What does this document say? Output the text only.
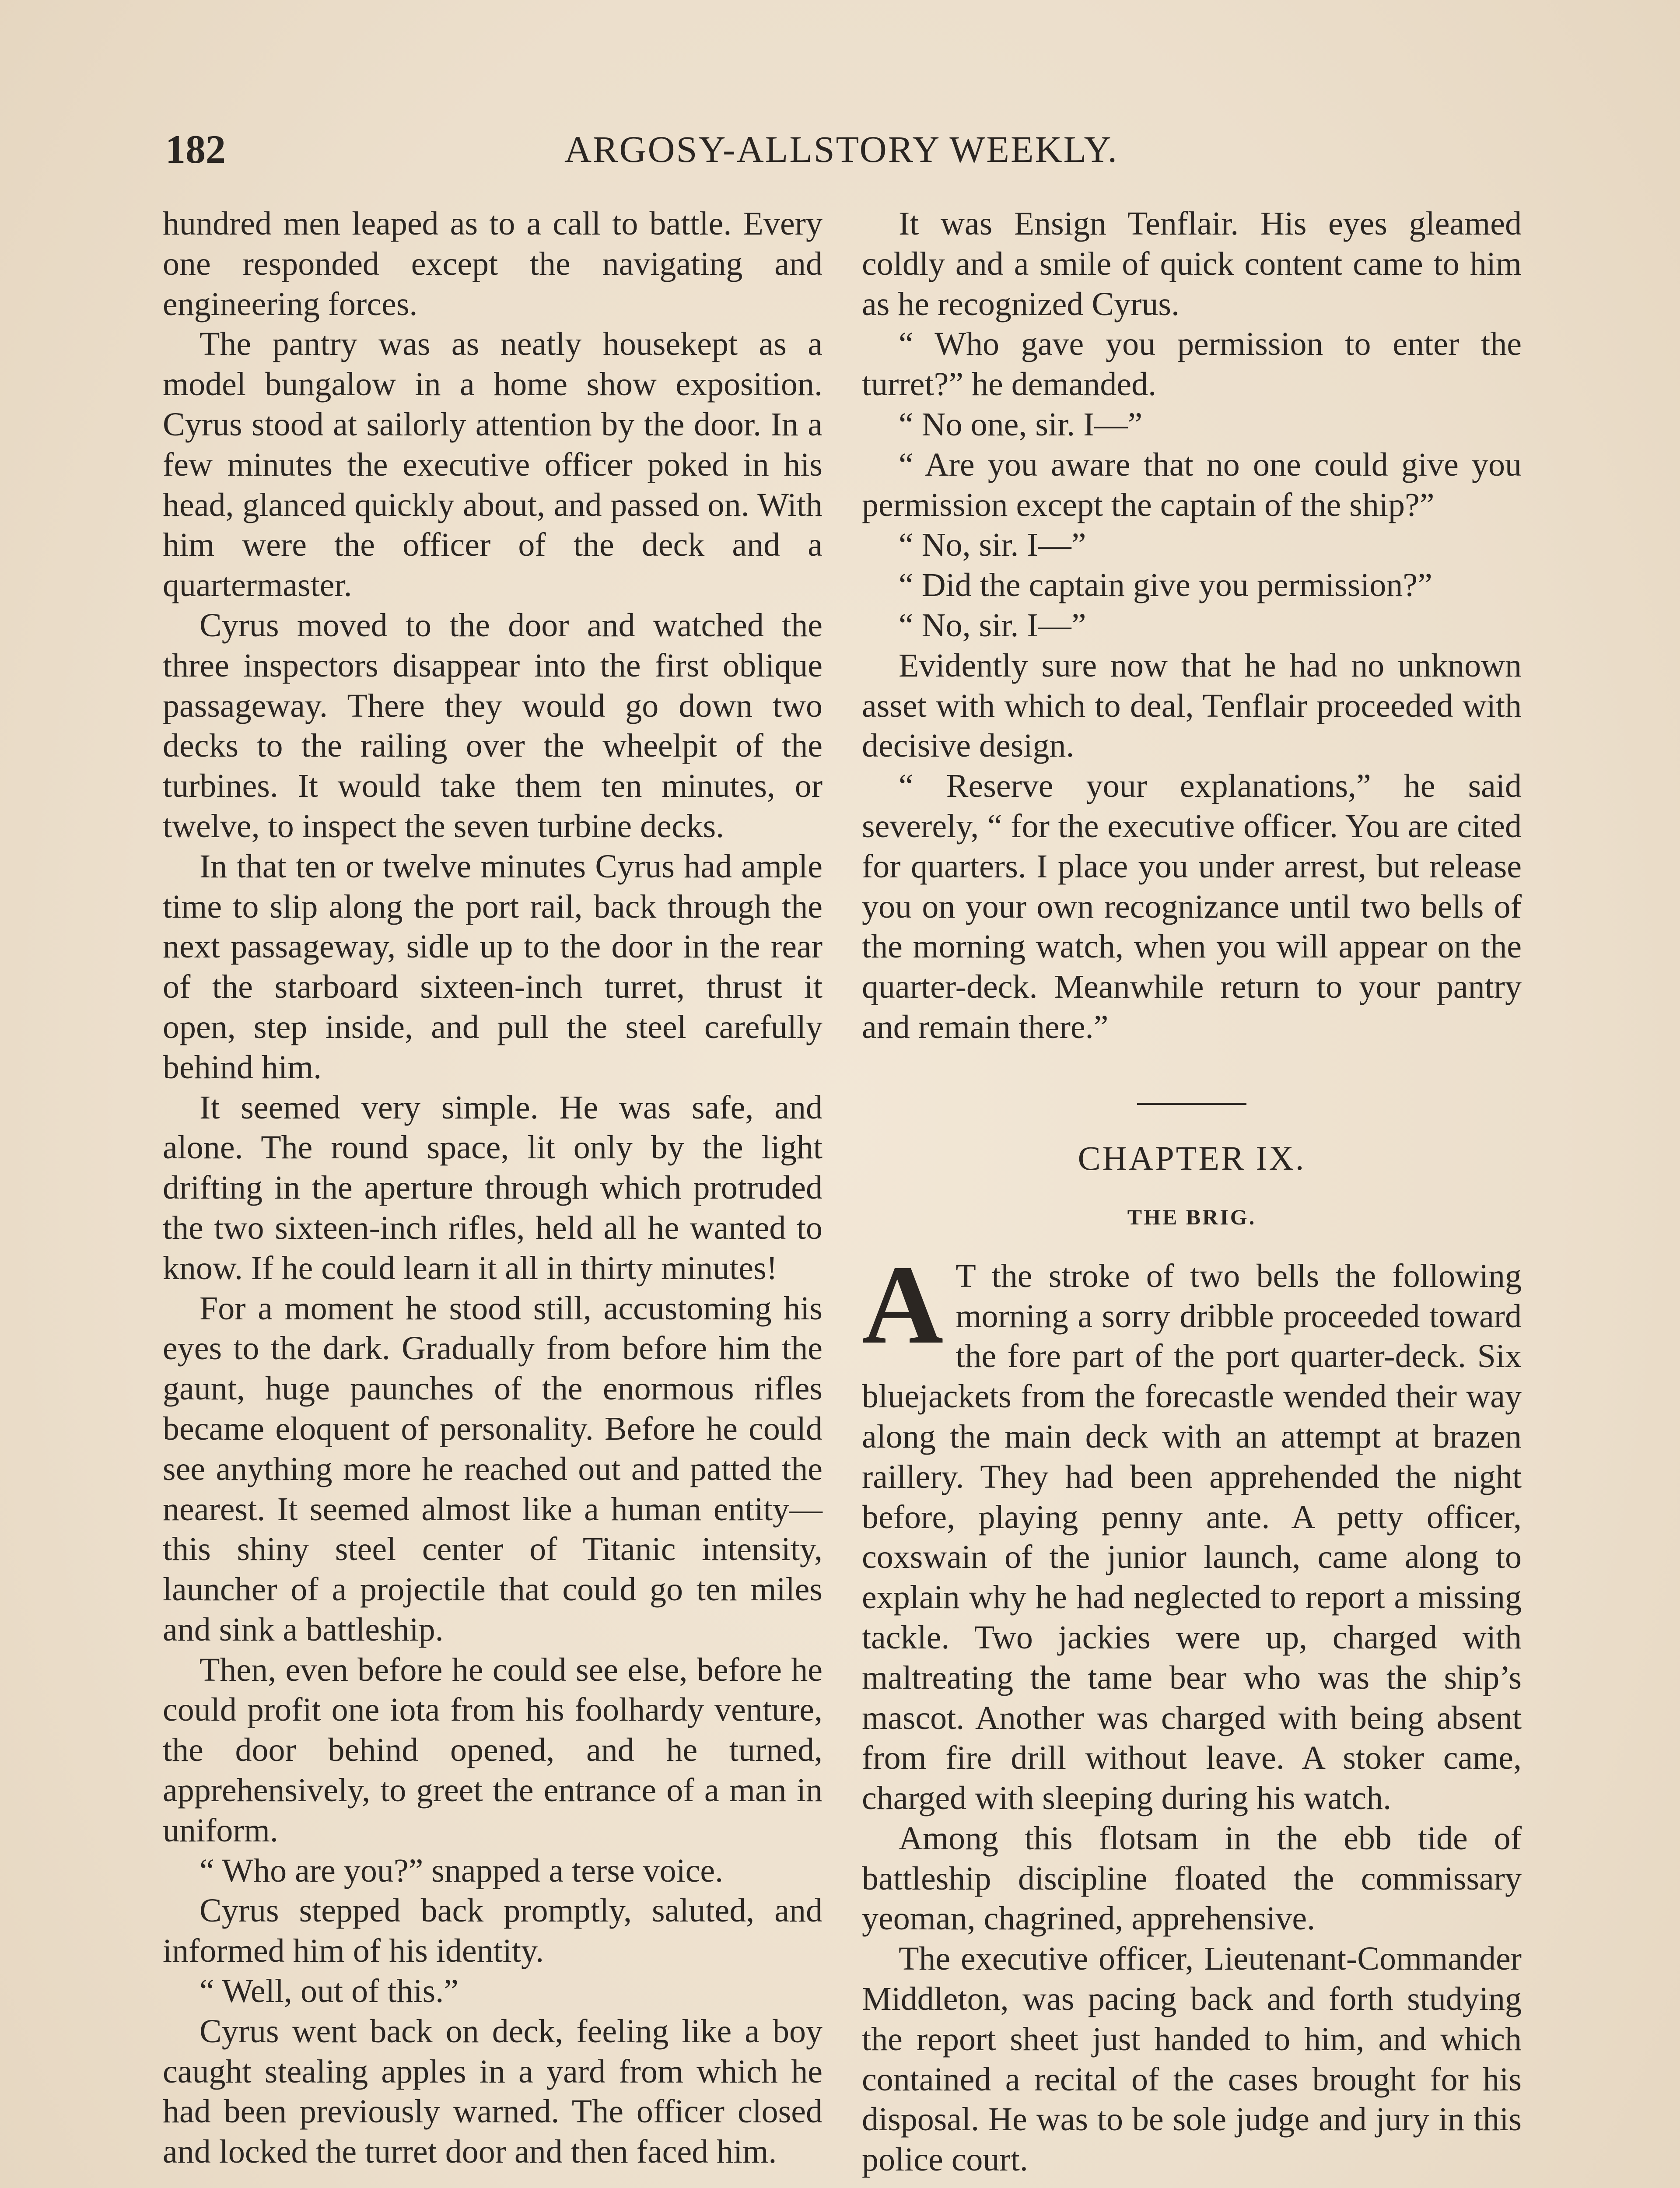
182	ARGOSY-ALLSTORY WEEKLY.

hundred men leaped as to a call to battle. Every one responded except the navigating and engineering forces.

The pantry was as neatly housekept as a model bungalow in a home show exposition. Cyrus stood at sailorly attention by the door. In a few minutes the executive officer poked in his head, glanced quickly about, and passed on. With him were the officer of the deck and a quartermaster.

Cyrus moved to the door and watched the three inspectors disappear into the first oblique passageway. There they would go down two decks to the railing over the wheelpit of the turbines. It would take them ten minutes, or twelve, to inspect the seven turbine decks.

In that ten or twelve minutes Cyrus had ample time to slip along the port rail, back through the next passageway, sidle up to the door in the rear of the starboard sixteen-inch turret, thrust it open, step inside, and pull the steel carefully behind him.

It seemed very simple. He was safe, and alone. The round space, lit only by the light drifting in the aperture through which protruded the two sixteen-inch rifles, held all he wanted to know. If he could learn it all in thirty minutes!

For a moment he stood still, accustoming his eyes to the dark. Gradually from before him the gaunt, huge paunches of the enormous rifles became eloquent of personality. Before he could see anything more he reached out and patted the nearest. It seemed almost like a human entity—this shiny steel center of Titanic intensity, launcher of a projectile that could go ten miles and sink a battleship.

Then, even before he could see else, before he could profit one iota from his foolhardy venture, the door behind opened, and he turned, apprehensively, to greet the entrance of a man in uniform.

“ Who are you?” snapped a terse voice.

Cyrus stepped back promptly, saluted, and informed him of his identity.

“ Well, out of this.”

Cyrus went back on deck, feeling like a boy caught stealing apples in a yard from which he had been previously warned. The officer closed and locked the turret door and then faced him.

It was Ensign Tenflair. His eyes gleamed coldly and a smile of quick content came to him as he recognized Cyrus.

“ Who gave you permission to enter the turret?” he demanded.

“ No one, sir. I—”

“ Are you aware that no one could give you permission except the captain of the ship?”

“ No, sir. I—”

“ Did the captain give you permission?”

“ No, sir. I—”

Evidently sure now that he had no unknown asset with which to deal, Tenflair proceeded with decisive design.

“ Reserve your explanations,” he said severely, “ for the executive officer. You are cited for quarters. I place you under arrest, but release you on your own recognizance until two bells of the morning watch, when you will appear on the quarter-deck. Meanwhile return to your pantry and remain there.”

CHAPTER IX.

THE BRIG.

A T the stroke of two bells the following morning a sorry dribble proceeded toward the fore part of the port quarter-deck. Six bluejackets from the forecastle wended their way along the main deck with an attempt at brazen raillery. They had been apprehended the night before, playing penny ante. A petty officer, coxswain of the junior launch, came along to explain why he had neglected to report a missing tackle. Two jackies were up, charged with maltreating the tame bear who was the ship’s mascot. Another was charged with being absent from fire drill without leave. A stoker came, charged with sleeping during his watch.

Among this flotsam in the ebb tide of battleship discipline floated the commissary yeoman, chagrined, apprehensive.

The executive officer, Lieutenant-Commander Middleton, was pacing back and forth studying the report sheet just handed to him, and which contained a recital of the cases brought for his disposal. He was to be sole judge and jury in this police court.
